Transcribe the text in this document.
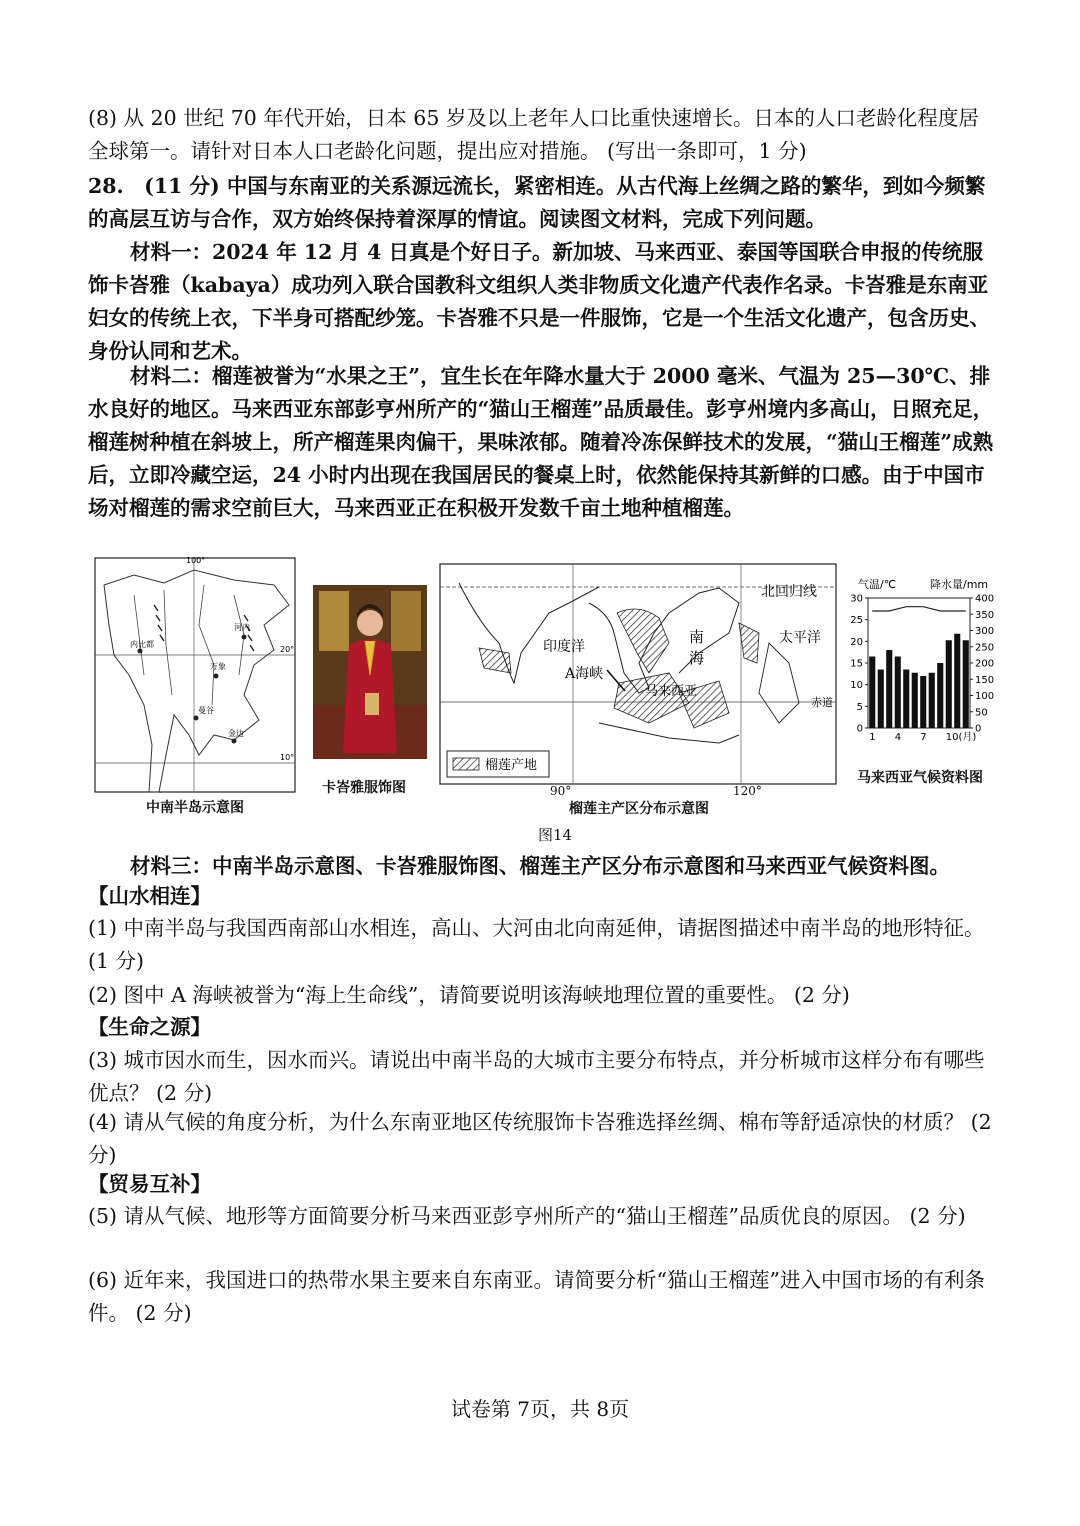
(8) 从 20 世纪 70 年代开始，日本 65 岁及以上老年人口比重快速增长。日本的人口老龄化程度居全球第一。请针对日本人口老龄化问题，提出应对措施。 (写出一条即可，1 分)

28.　(11 分) 中国与东南亚的关系源远流长，紧密相连。从古代海上丝绸之路的繁华，到如今频繁的高层互访与合作，双方始终保持着深厚的情谊。阅读图文材料，完成下列问题。

材料一：2024 年 12 月 4 日真是个好日子。新加坡、马来西亚、泰国等国联合申报的传统服饰卡峇雅（kabaya）成功列入联合国教科文组织人类非物质文化遗产代表作名录。卡峇雅是东南亚妇女的传统上衣，下半身可搭配纱笼。卡峇雅不只是一件服饰，它是一个生活文化遗产，包含历史、身份认同和艺术。

材料二：榴莲被誉为“水果之王”，宜生长在年降水量大于 2000 毫米、气温为 25—30℃、排水良好的地区。马来西亚东部彭亨州所产的“猫山王榴莲”品质最佳。彭亨州境内多高山，日照充足，榴莲树种植在斜坡上，所产榴莲果肉偏干，果味浓郁。随着冷冻保鲜技术的发展，“猫山王榴莲”成熟后，立即冷藏空运，24 小时内出现在我国居民的餐桌上时，依然能保持其新鲜的口感。由于中国市场对榴莲的需求空前巨大，马来西亚正在积极开发数千亩土地种植榴莲。

内比都
河内
万象
曼谷
金边
100°
20°
10°
中南半岛示意图
卡峇雅服饰图
北回归线
印度洋
南
海
太平洋
A海峡
马来西亚
赤道
榴莲产地
90°	120°
榴莲主产区分布示意图
气温/℃	降水量/mm
0
5
10
15
20
25
30
0
50
100
150
200
250
300
350
400
1 4 7 10(月)
马来西亚气候资料图
图14

材料三：中南半岛示意图、卡峇雅服饰图、榴莲主产区分布示意图和马来西亚气候资料图。

【山水相连】

(1) 中南半岛与我国西南部山水相连，高山、大河由北向南延伸，请据图描述中南半岛的地形特征。 (1 分)

(2) 图中 A 海峡被誉为“海上生命线”，请简要说明该海峡地理位置的重要性。 (2 分)

【生命之源】

(3) 城市因水而生，因水而兴。请说出中南半岛的大城市主要分布特点，并分析城市这样分布有哪些优点？ (2 分)

(4) 请从气候的角度分析，为什么东南亚地区传统服饰卡峇雅选择丝绸、棉布等舒适凉快的材质？ (2 分)

【贸易互补】

(5) 请从气候、地形等方面简要分析马来西亚彭亨州所产的“猫山王榴莲”品质优良的原因。 (2 分)

(6) 近年来，我国进口的热带水果主要来自东南亚。请简要分析“猫山王榴莲”进入中国市场的有利条件。 (2 分)

试卷第 7页，共 8页
